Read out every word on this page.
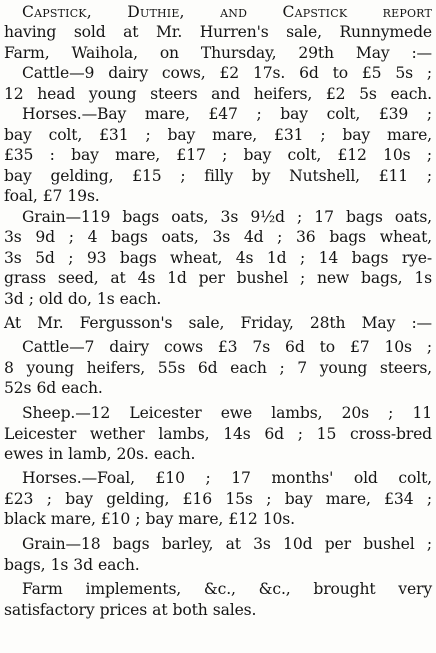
Capstick, Duthie, and Capstick report
having sold at Mr. Hurren's sale, Runnymede
Farm, Waihola, on Thursday, 29th May :—
Cattle—9 dairy cows, £2 17s. 6d to £5 5s ;
12 head young steers and heifers, £2 5s each.
Horses.—Bay mare, £47 ; bay colt, £39 ;
bay colt, £31 ; bay mare, £31 ; bay mare,
£35 : bay mare, £17 ; bay colt, £12 10s ;
bay gelding, £15 ; filly by Nutshell, £11 ;
foal, £7 19s.
Grain—119 bags oats, 3s 9½d ; 17 bags oats,
3s 9d ; 4 bags oats, 3s 4d ; 36 bags wheat,
3s 5d ; 93 bags wheat, 4s 1d ; 14 bags rye-
grass seed, at 4s 1d per bushel ; new bags, 1s
3d ; old do, 1s each.
At Mr. Fergusson's sale, Friday, 28th May :—
Cattle—7 dairy cows £3 7s 6d to £7 10s ;
8 young heifers, 55s 6d each ; 7 young steers,
52s 6d each.
Sheep.—12 Leicester ewe lambs, 20s ; 11
Leicester wether lambs, 14s 6d ; 15 cross-bred
ewes in lamb, 20s. each.
Horses.—Foal, £10 ; 17 months' old colt,
£23 ; bay gelding, £16 15s ; bay mare, £34 ;
black mare, £10 ; bay mare, £12 10s.
Grain—18 bags barley, at 3s 10d per bushel ;
bags, 1s 3d each.
Farm implements, &c., &c., brought very
satisfactory prices at both sales.
